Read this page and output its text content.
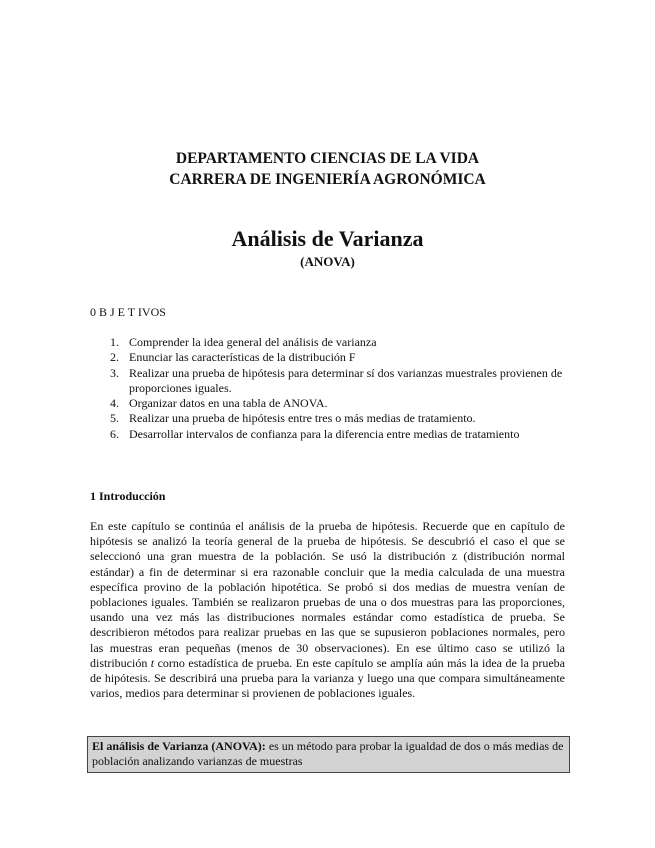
DEPARTAMENTO CIENCIAS DE LA VIDA
CARRERA DE INGENIERÍA AGRONÓMICA
Análisis de Varianza
(ANOVA)
0 B J E T IVOS
1. Comprender la idea general del análisis de varianza
2. Enunciar las características de la distribución F
3. Realizar una prueba de hipótesis para determinar sí dos varianzas muestrales provienen de proporciones iguales.
4. Organizar datos en una tabla de ANOVA.
5. Realizar una prueba de hipótesis entre tres o más medias de tratamiento.
6. Desarrollar intervalos de confianza para la diferencia entre medias de tratamiento
1 Introducción

En este capítulo se continúa el análisis de la prueba de hipótesis. Recuerde que en capítulo de hipótesis se analizó la teoría general de la prueba de hipótesis. Se descubrió el caso el que se seleccionó una gran muestra de la población. Se usó la distribución z (distribución normal estándar) a fin de determinar si era razonable concluir que la media calculada de una muestra específica provino de la población hipotética. Se probó si dos medias de muestra venían de poblaciones iguales. También se realizaron pruebas de una o dos muestras para las proporciones, usando una vez más las distribuciones normales estándar como estadística de prueba. Se describieron métodos para realizar pruebas en las que se supusieron poblaciones normales, pero las muestras eran pequeñas (menos de 30 observaciones). En ese último caso se utilizó la distribución t corno estadística de prueba. En este capítulo se amplía aún más la idea de la prueba de hipótesis. Se describirá una prueba para la varianza y luego una que compara simultáneamente varios, medios para determinar si provienen de poblaciones iguales.

El análisis de Varianza (ANOVA): es un método para probar la igualdad de dos o más medias de población analizando varianzas de muestras
